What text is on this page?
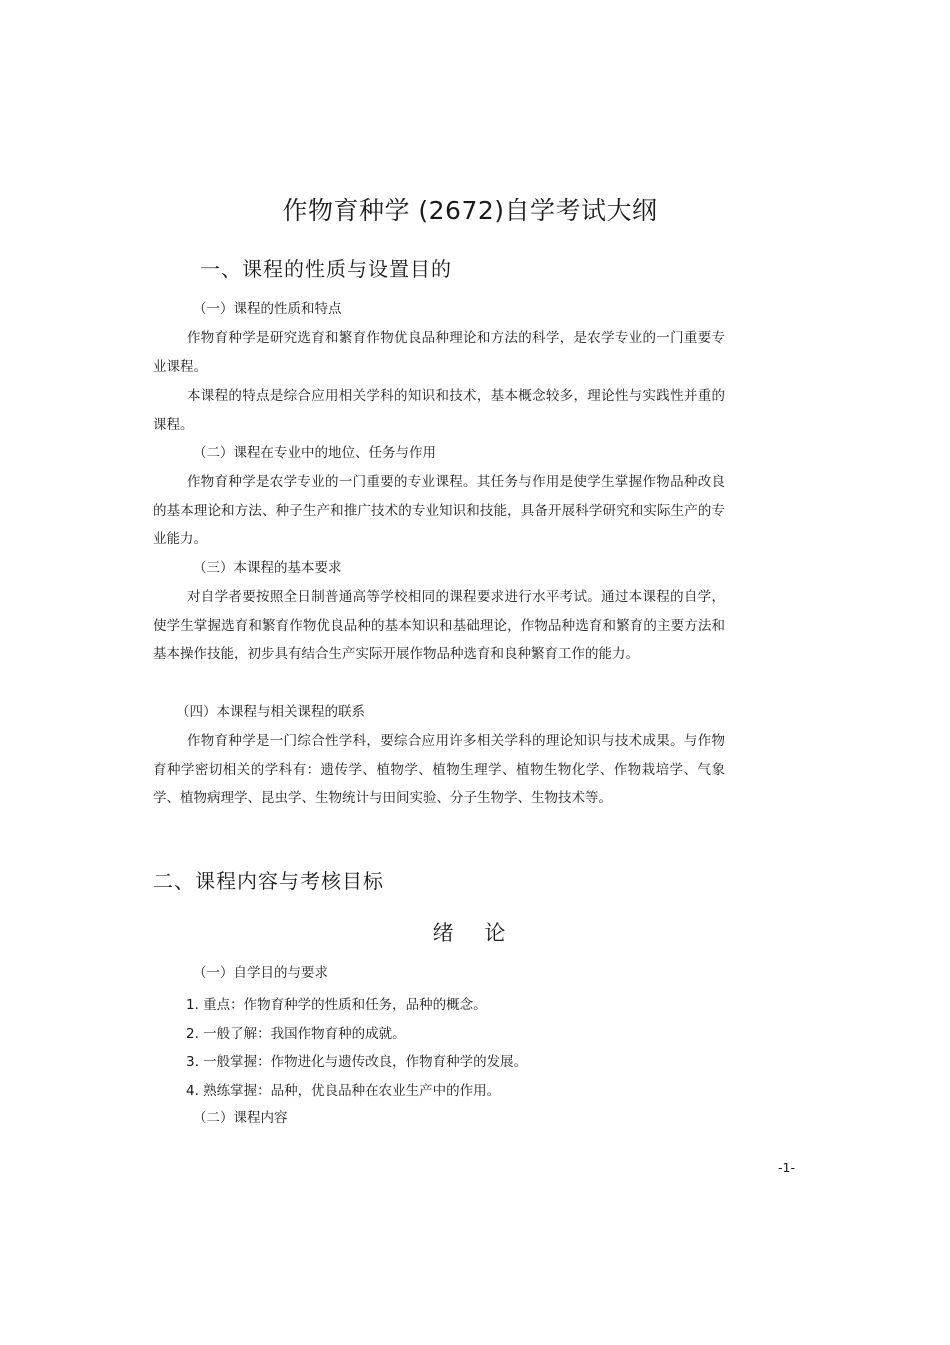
作物育种学 (2672)自学考试大纲
一、课程的性质与设置目的
（一）课程的性质和特点
作物育种学是研究选育和繁育作物优良品种理论和方法的科学，是农学专业的一门重要专业课程。
本课程的特点是综合应用相关学科的知识和技术，基本概念较多，理论性与实践性并重的课程。
（二）课程在专业中的地位、任务与作用
作物育种学是农学专业的一门重要的专业课程。其任务与作用是使学生掌握作物品种改良的基本理论和方法、种子生产和推广技术的专业知识和技能，具备开展科学研究和实际生产的专业能力。
（三）本课程的基本要求
对自学者要按照全日制普通高等学校相同的课程要求进行水平考试。通过本课程的自学，使学生掌握选育和繁育作物优良品种的基本知识和基础理论，作物品种选育和繁育的主要方法和基本操作技能，初步具有结合生产实际开展作物品种选育和良种繁育工作的能力。
（四）本课程与相关课程的联系
作物育种学是一门综合性学科，要综合应用许多相关学科的理论知识与技术成果。与作物育种学密切相关的学科有：遗传学、植物学、植物生理学、植物生物化学、作物栽培学、气象学、植物病理学、昆虫学、生物统计与田间实验、分子生物学、生物技术等。
二、课程内容与考核目标
绪 论
（一）自学目的与要求
1. 重点：作物育种学的性质和任务，品种的概念。
2. 一般了解：我国作物育种的成就。
3. 一般掌握：作物进化与遗传改良，作物育种学的发展。
4. 熟练掌握：品种，优良品种在农业生产中的作用。
（二）课程内容
-1-
